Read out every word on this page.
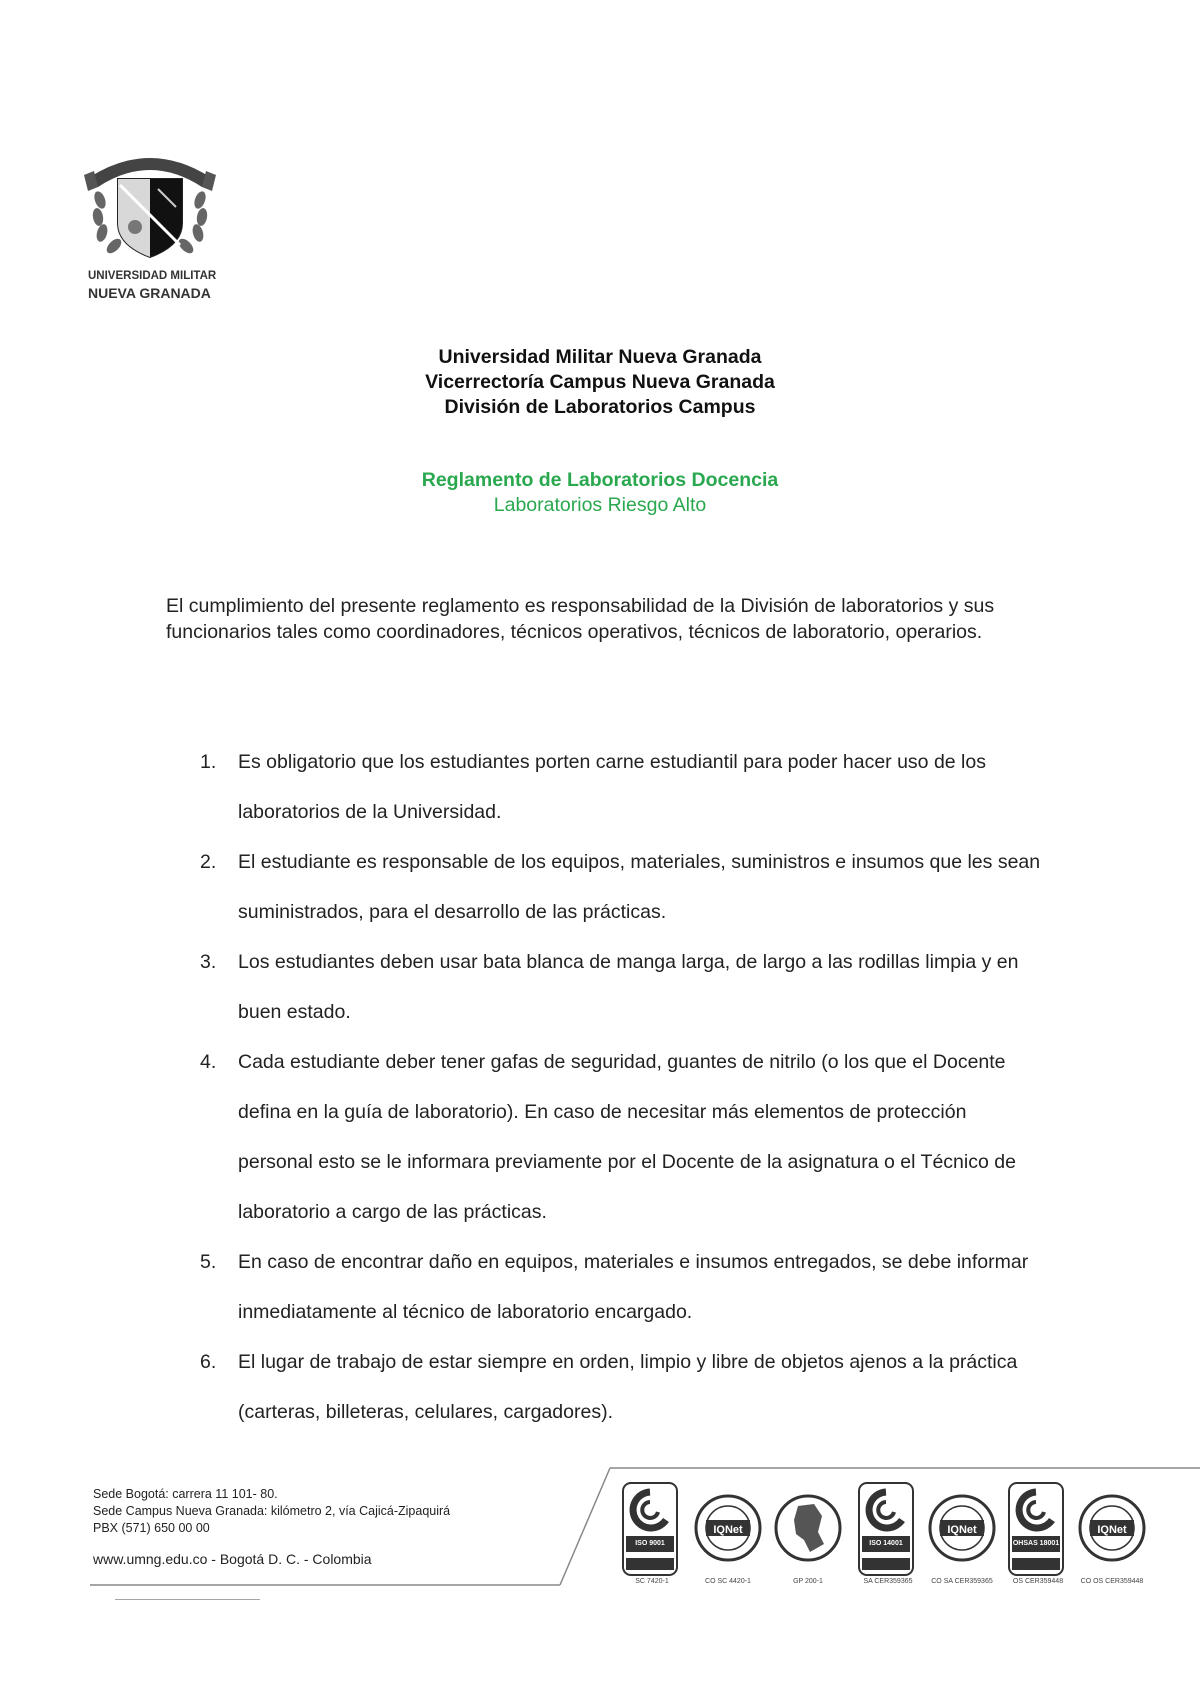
UNIVERSIDAD MILITAR
NUEVA GRANADA
Universidad Militar Nueva Granada
Vicerrectoría Campus Nueva Granada
División de Laboratorios Campus
Reglamento de Laboratorios Docencia
Laboratorios Riesgo Alto
El cumplimiento del presente reglamento es responsabilidad de la División de laboratorios y sus funcionarios tales como coordinadores, técnicos operativos, técnicos de laboratorio, operarios.
1. Es obligatorio que los estudiantes porten carne estudiantil para poder hacer uso de los laboratorios de la Universidad.
2. El estudiante es responsable de los equipos, materiales, suministros e insumos que les sean suministrados, para el desarrollo de las prácticas.
3. Los estudiantes deben usar bata blanca de manga larga, de largo a las rodillas limpia y en buen estado.
4. Cada estudiante deber tener gafas de seguridad, guantes de nitrilo (o los que el Docente defina en la guía de laboratorio). En caso de necesitar más elementos de protección personal esto se le informara previamente por el Docente de la asignatura o el Técnico de laboratorio a cargo de las prácticas.
5. En caso de encontrar daño en equipos, materiales e insumos entregados, se debe informar inmediatamente al técnico de laboratorio encargado.
6. El lugar de trabajo de estar siempre en orden, limpio y libre de objetos ajenos a la práctica (carteras, billeteras, celulares, cargadores).
Sede Bogotá: carrera 11 101- 80.
Sede Campus Nueva Granada: kilómetro 2, vía Cajicá-Zipaquirá
PBX (571) 650 00 00
www.umng.edu.co - Bogotá D. C. - Colombia
ISO 9001
SC 7420-1
IQNet
CO SC 4420-1	GP 200-1
ISO 14001
SA CER359365
IQNet
CO SA CER359365
OHSAS 18001
OS CER359448
IQNet
CO OS CER359448
